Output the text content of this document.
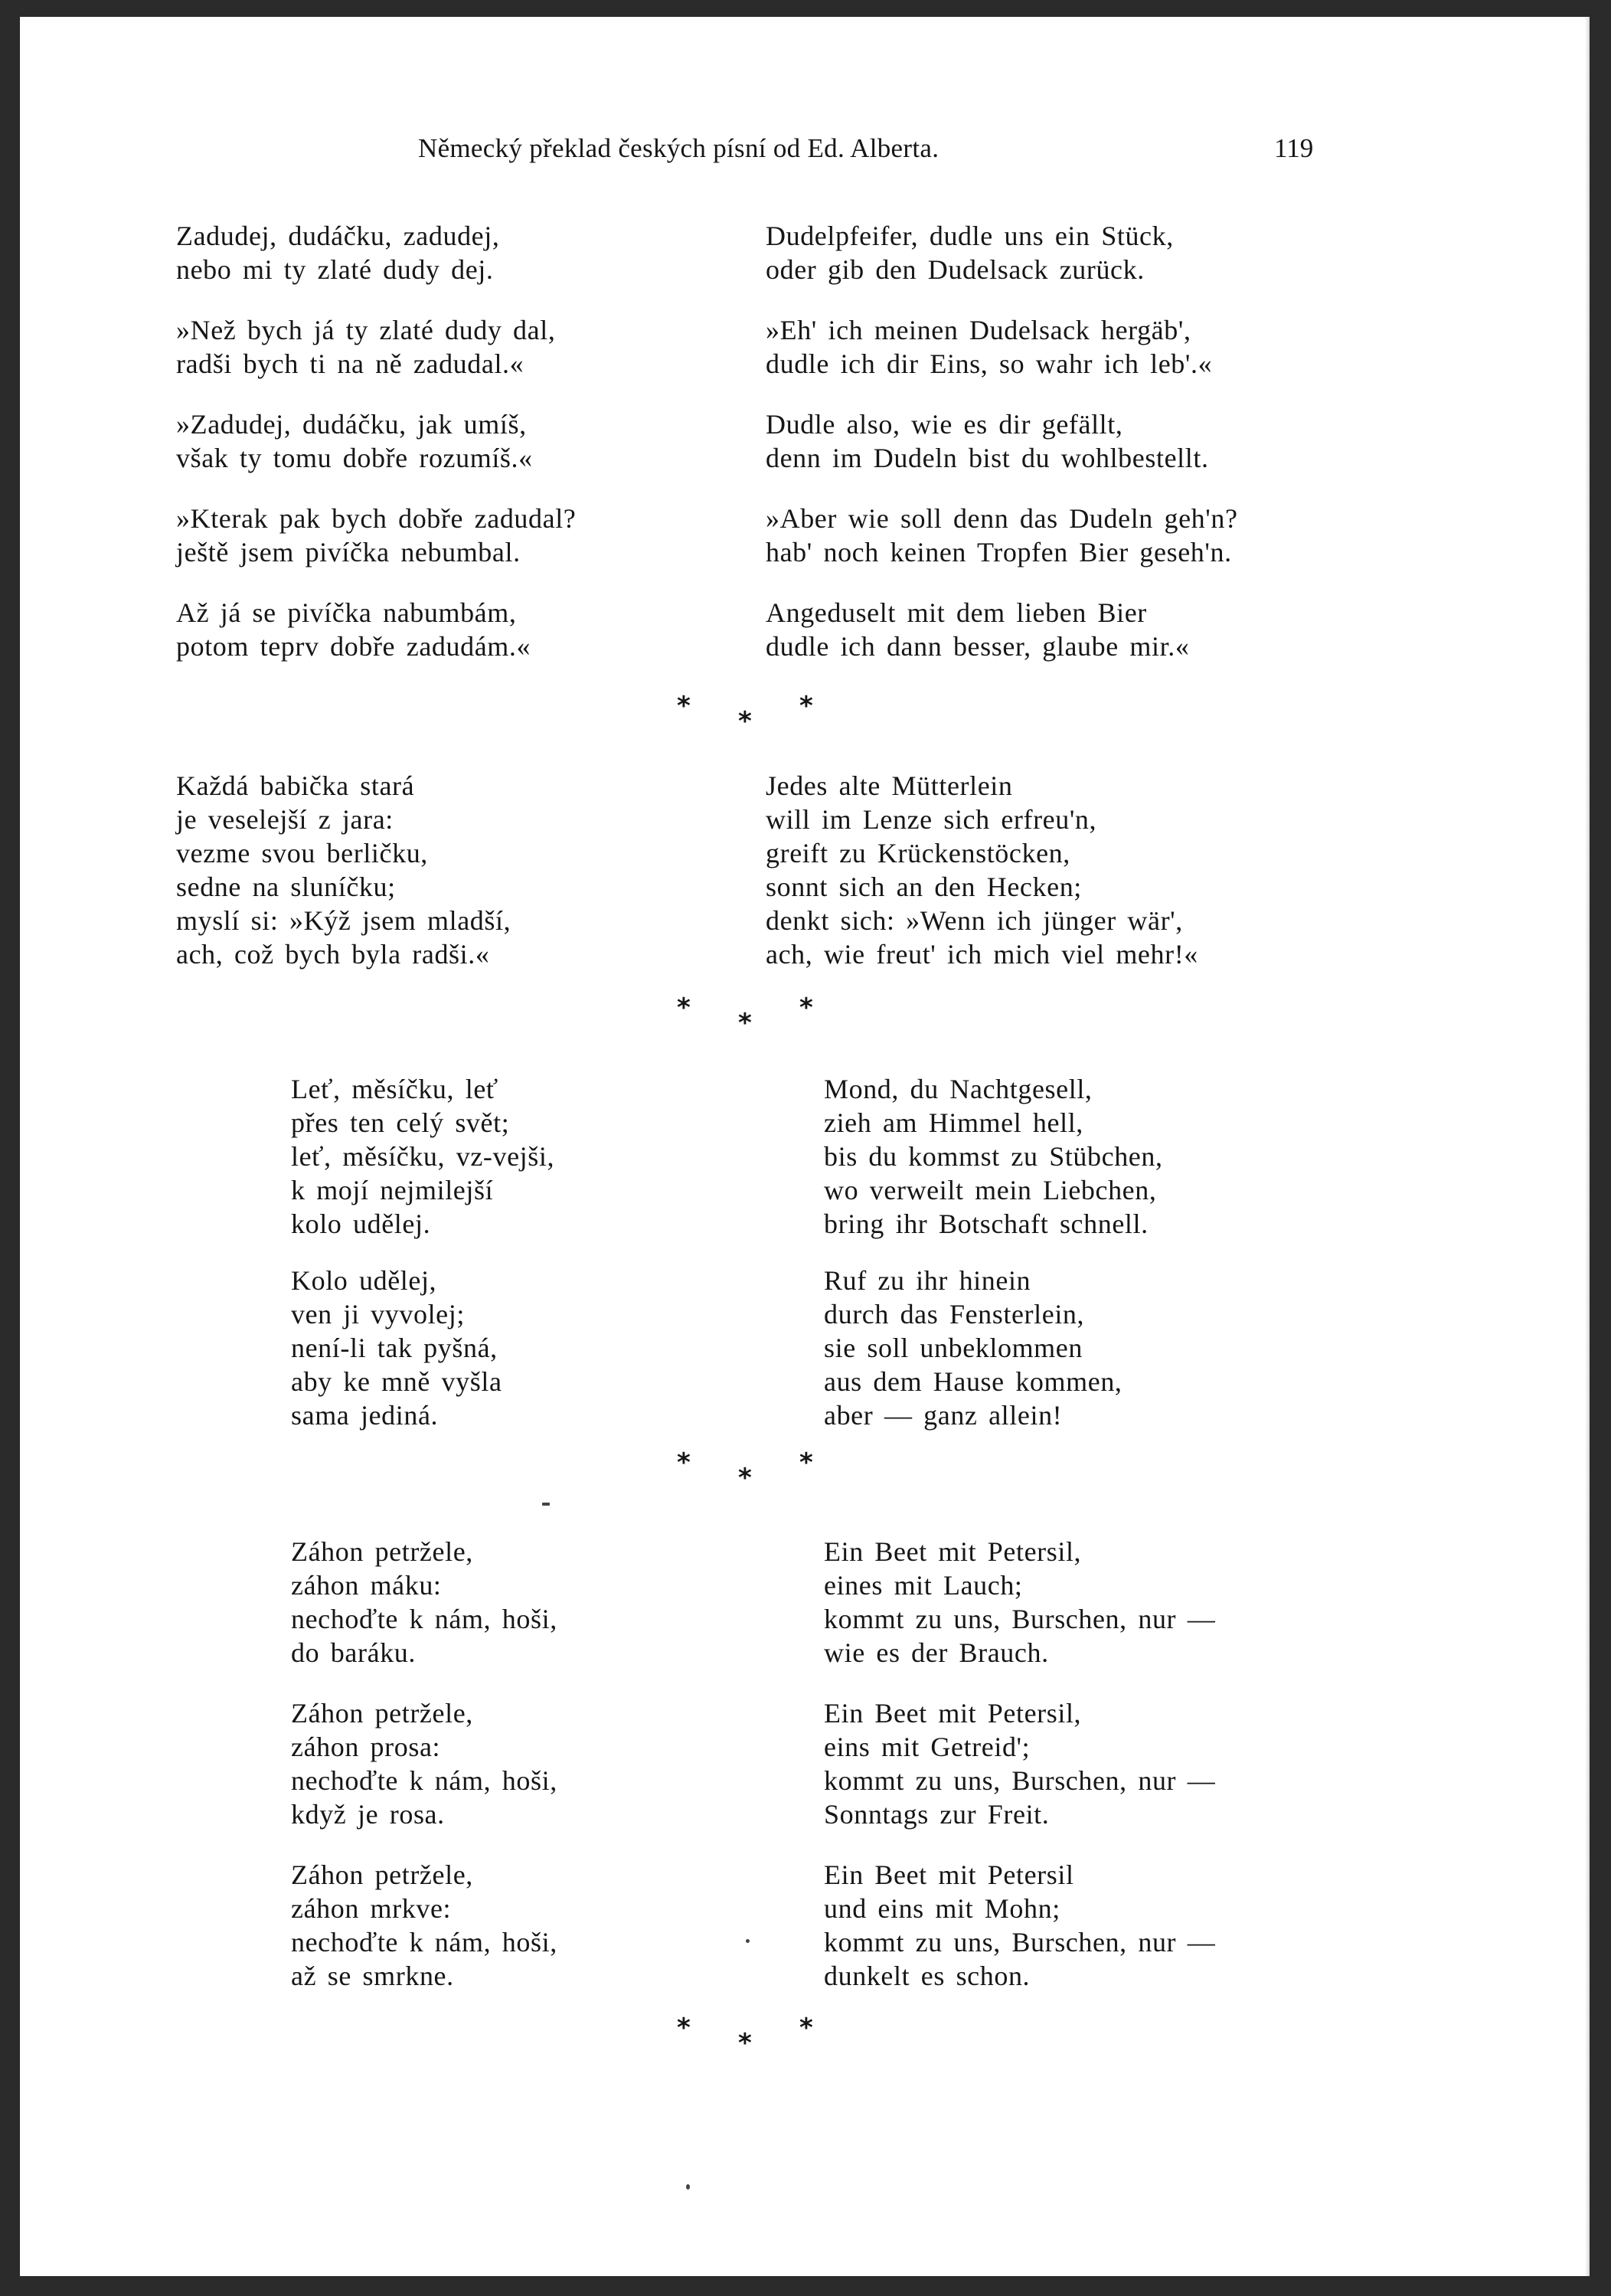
Německý překlad českých písní od Ed. Alberta.	119
Zadudej, dudáčku, zadudej,
nebo mi ty zlaté dudy dej.
»Než bych já ty zlaté dudy dal,
radši bych ti na ně zadudal.«
»Zadudej, dudáčku, jak umíš,
však ty tomu dobře rozumíš.«
»Kterak pak bych dobře zadudal?
ještě jsem pivíčka nebumbal.
Až já se pivíčka nabumbám,
potom teprv dobře zadudám.«
Dudelpfeifer, dudle uns ein Stück,
oder gib den Dudelsack zurück.
»Eh' ich meinen Dudelsack hergäb',
dudle ich dir Eins, so wahr ich leb'.«
Dudle also, wie es dir gefällt,
denn im Dudeln bist du wohlbestellt.
»Aber wie soll denn das Dudeln geh'n?
hab' noch keinen Tropfen Bier geseh'n.
Angeduselt mit dem lieben Bier
dudle ich dann besser, glaube mir.«
* * *
Každá babička stará
je veselejší z jara:
vezme svou berličku,
sedne na sluníčku;
myslí si: »Kýž jsem mladší,
ach, což bych byla radši.«
Jedes alte Mütterlein
will im Lenze sich erfreu'n,
greift zu Krückenstöcken,
sonnt sich an den Hecken;
denkt sich: »Wenn ich jünger wär',
ach, wie freut' ich mich viel mehr!«
* * *
Leť, měsíčku, leť
přes ten celý svět;
leť, měsíčku, vz-vejši,
k mojí nejmilejší
kolo udělej.
Kolo udělej,
ven ji vyvolej;
není-li tak pyšná,
aby ke mně vyšla
sama jediná.
Mond, du Nachtgesell,
zieh am Himmel hell,
bis du kommst zu Stübchen,
wo verweilt mein Liebchen,
bring ihr Botschaft schnell.
Ruf zu ihr hinein
durch das Fensterlein,
sie soll unbeklommen
aus dem Hause kommen,
aber — ganz allein!
* * *
Záhon petržele,
záhon máku:
nechoďte k nám, hoši,
do baráku.
Záhon petržele,
záhon prosa:
nechoďte k nám, hoši,
když je rosa.
Záhon petržele,
záhon mrkve:
nechoďte k nám, hoši,
až se smrkne.
Ein Beet mit Petersil,
eines mit Lauch;
kommt zu uns, Burschen, nur —
wie es der Brauch.
Ein Beet mit Petersil,
eins mit Getreid';
kommt zu uns, Burschen, nur —
Sonntags zur Freit.
Ein Beet mit Petersil
und eins mit Mohn;
kommt zu uns, Burschen, nur —
dunkelt es schon.
* * *
